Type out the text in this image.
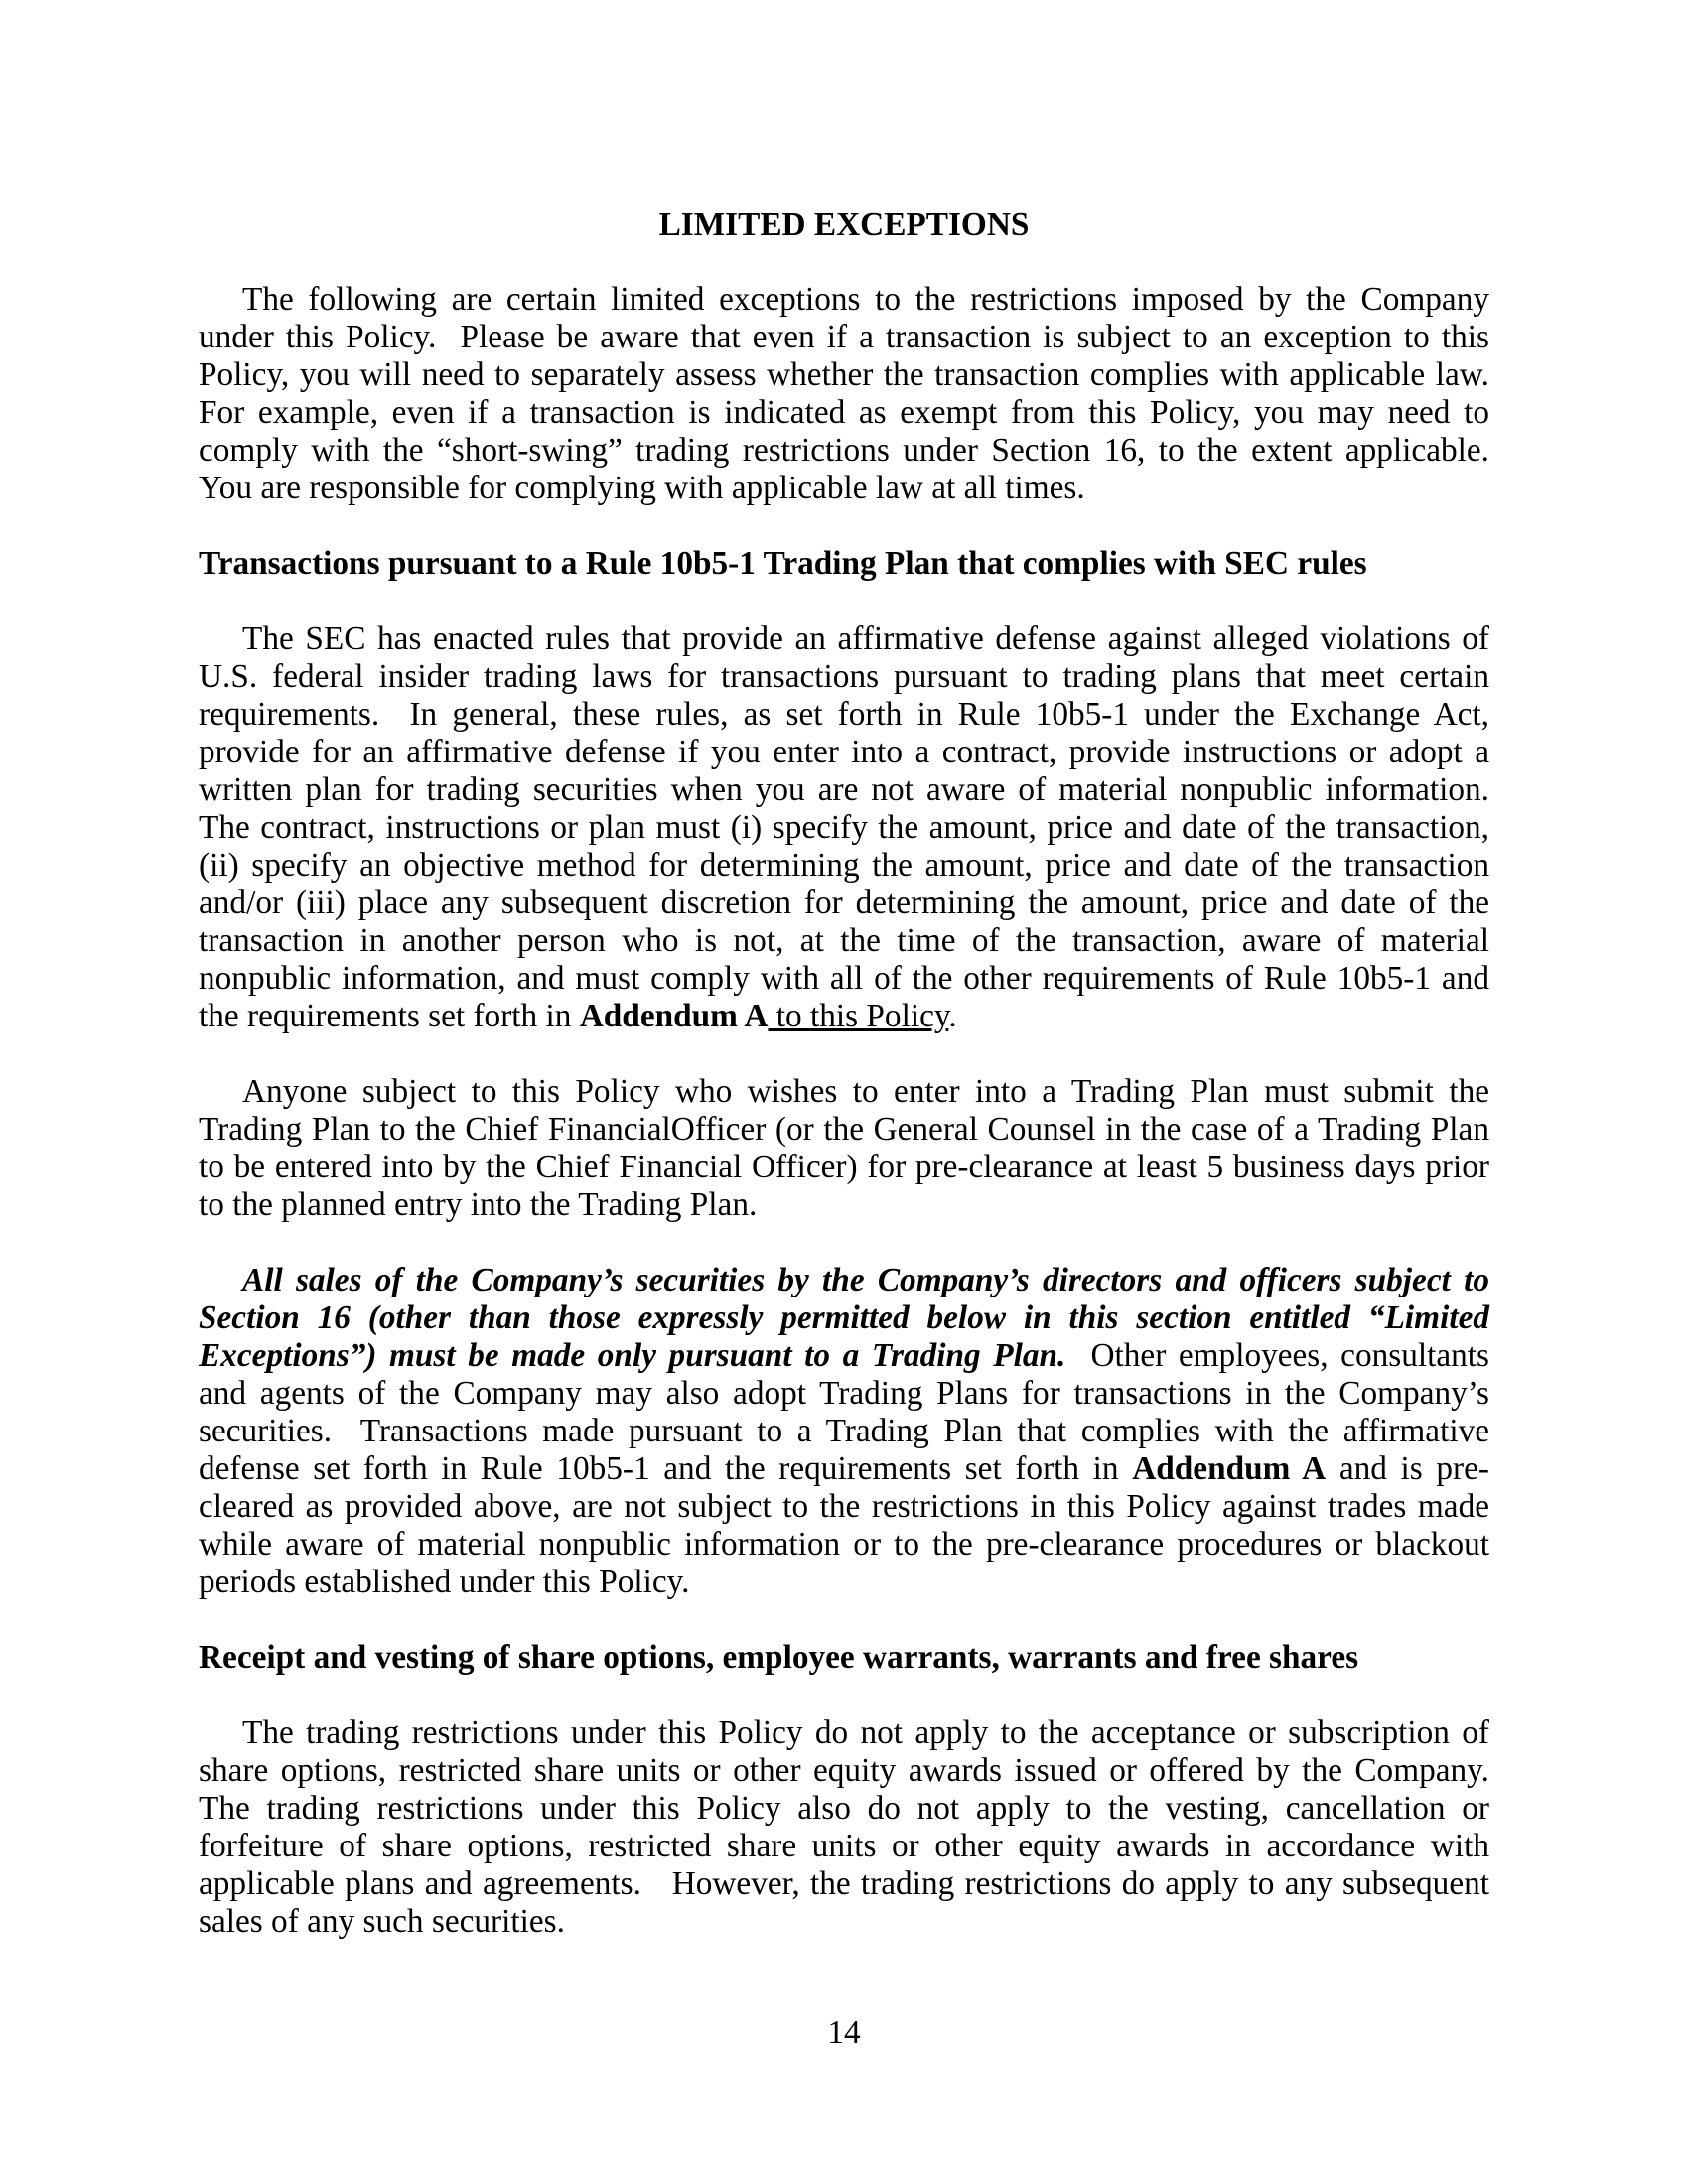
LIMITED EXCEPTIONS

The following are certain limited exceptions to the restrictions imposed by the Company under this Policy.  Please be aware that even if a transaction is subject to an exception to this Policy, you will need to separately assess whether the transaction complies with applicable law.  For example, even if a transaction is indicated as exempt from this Policy, you may need to comply with the “short-swing” trading restrictions under Section 16, to the extent applicable.  You are responsible for complying with applicable law at all times.

Transactions pursuant to a Rule 10b5-1 Trading Plan that complies with SEC rules

The SEC has enacted rules that provide an affirmative defense against alleged violations of U.S. federal insider trading laws for transactions pursuant to trading plans that meet certain requirements.  In general, these rules, as set forth in Rule 10b5-1 under the Exchange Act, provide for an affirmative defense if you enter into a contract, provide instructions or adopt a written plan for trading securities when you are not aware of material nonpublic information.  The contract, instructions or plan must (i) specify the amount, price and date of the transaction, (ii) specify an objective method for determining the amount, price and date of the transaction and/or (iii) place any subsequent discretion for determining the amount, price and date of the transaction in another person who is not, at the time of the transaction, aware of material nonpublic information, and must comply with all of the other requirements of Rule 10b5-1 and the requirements set forth in Addendum A to this Policy.

Anyone subject to this Policy who wishes to enter into a Trading Plan must submit the Trading Plan to the Chief FinancialOfficer (or the General Counsel in the case of a Trading Plan to be entered into by the Chief Financial Officer) for pre-clearance at least 5 business days prior to the planned entry into the Trading Plan.

All sales of the Company’s securities by the Company’s directors and officers subject to Section 16 (other than those expressly permitted below in this section entitled “Limited Exceptions”) must be made only pursuant to a Trading Plan.  Other employees, consultants and agents of the Company may also adopt Trading Plans for transactions in the Company’s securities.  Transactions made pursuant to a Trading Plan that complies with the affirmative defense set forth in Rule 10b5-1 and the requirements set forth in Addendum A and is pre-cleared as provided above, are not subject to the restrictions in this Policy against trades made while aware of material nonpublic information or to the pre-clearance procedures or blackout periods established under this Policy.

Receipt and vesting of share options, employee warrants, warrants and free shares

The trading restrictions under this Policy do not apply to the acceptance or subscription of share options, restricted share units or other equity awards issued or offered by the Company.  The trading restrictions under this Policy also do not apply to the vesting, cancellation or forfeiture of share options, restricted share units or other equity awards in accordance with applicable plans and agreements.   However, the trading restrictions do apply to any subsequent sales of any such securities.

14
